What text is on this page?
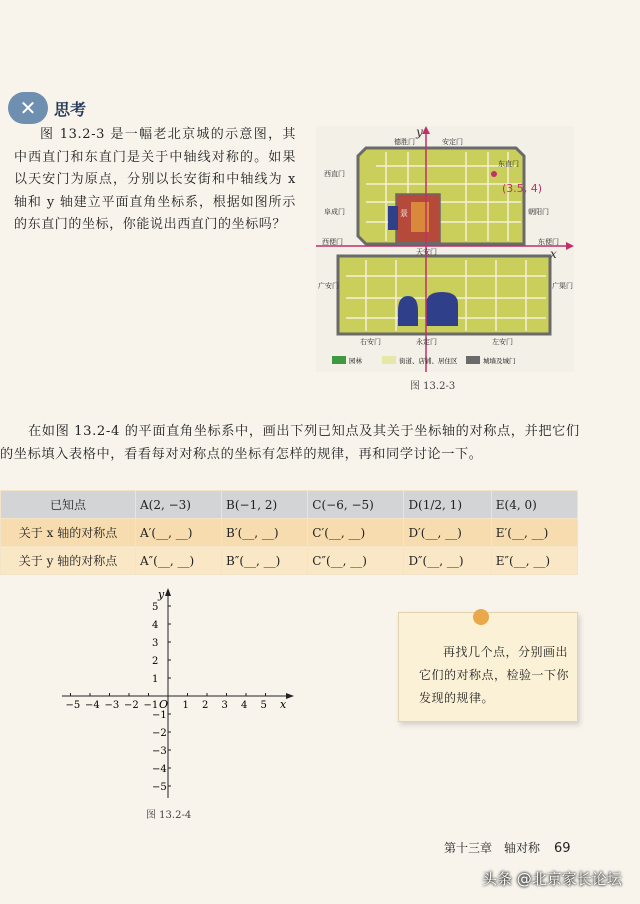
✕	思考
图 13.2-3 是一幅老北京城的示意图，其中西直门和东直门是关于中轴线对称的。如果以天安门为原点，分别以长安街和中轴线为 x 轴和 y 轴建立平面直角坐标系，根据如图所示的东直门的坐标，你能说出西直门的坐标吗？
景
x
y
(3.5, 4)
德胜门	安定门
西直门
东直门
阜成门	朝阳门
西便门	东便门
天安门
广安门	广渠门
右安门	永定门	左安门
园林	街道、店铺、居住区	城墙及城门
图 13.2-3
在如图 13.2-4 的平面直角坐标系中，画出下列已知点及其关于坐标轴的对称点，并把它们的坐标填入表格中，看看每对对称点的坐标有怎样的规律，再和同学讨论一下。
已知点	A(2, −3)	B(−1, 2)	C(−6, −5)	D(1/2, 1)	E(4, 0)
关于 x 轴的对称点	A′(__, __)	B′(__, __)	C′(__, __)	D′(__, __)	E′(__, __)
关于 y 轴的对称点	A″(__, __)	B″(__, __)	C″(__, __)	D″(__, __)	E″(__, __)
x
y
O
−5 −4 −3 −2 −1 1 2 3 4 5
5
4
3
2
1
−1
−2
−3
−4
−5
图 13.2-4
再找几个点，分别画出它们的对称点，检验一下你发现的规律。
第十三章　轴对称 69
头条 @北京家长论坛
